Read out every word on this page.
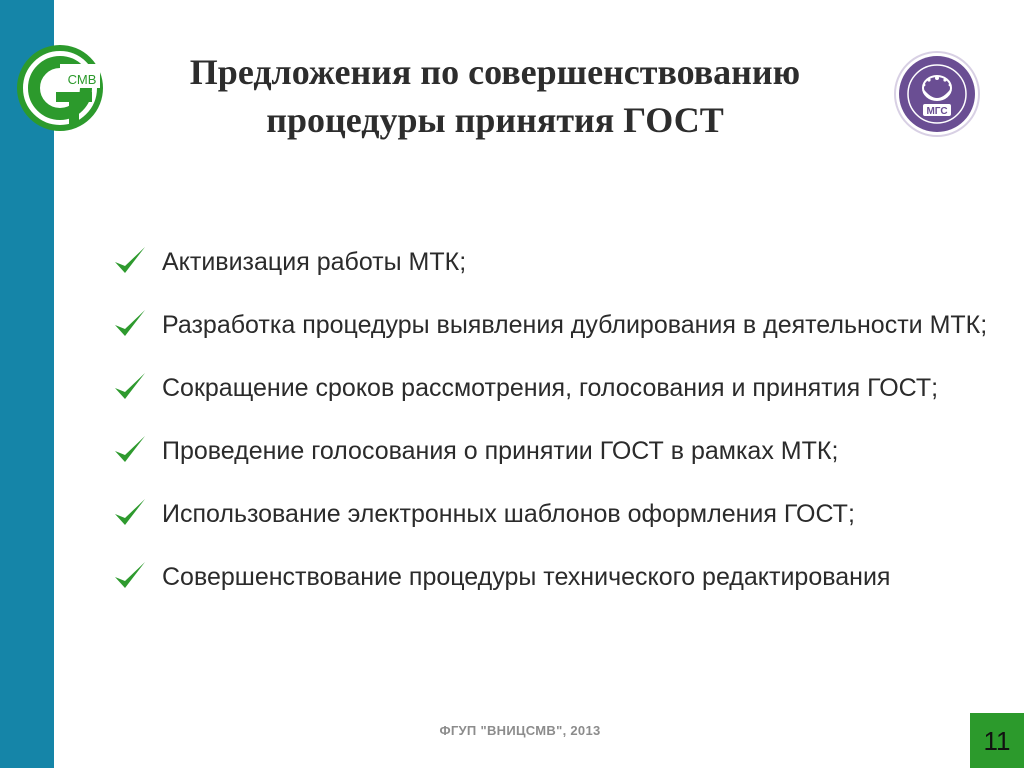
СМВ	Предложения по совершенствованию
процедуры принятия ГОСТ	МГС
Активизация работы МТК;
Разработка процедуры выявления дублирования в деятельности МТК;
Сокращение сроков рассмотрения, голосования и принятия ГОСТ;
Проведение голосования о принятии ГОСТ в рамках МТК;
Использование электронных шаблонов оформления ГОСТ;
Совершенствование процедуры технического редактирования
ФГУП "ВНИЦСМВ", 2013	11
